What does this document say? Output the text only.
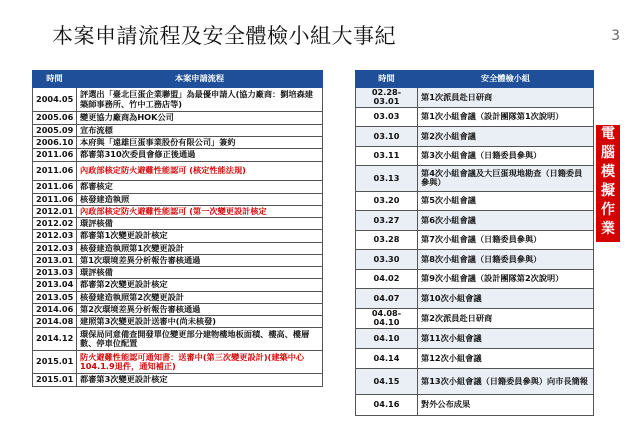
本案申請流程及安全體檢小組大事紀	3
時間	本案申請流程
2004.05	評選出「臺北巨蛋企業聯盟」為最優申請人(協力廠商：劉培森建築師事務所、竹中工務店等)
2005.06	變更協力廠商為HOK公司
2005.09	宣布流標
2006.10	本府與「遠雄巨蛋事業股份有限公司」簽約
2011.06	都審第310次委員會修正後通過
2011.06	內政部核定防火避難性能認可 (核定性能法規)
2011.06	都審核定
2011.06	核發建造執照
2012.01	內政部核定防火避難性能認可 (第一次變更設計核定
2012.02	環評核備
2012.03	都審第1次變更設計核定
2012.03	核發建造執照第1次變更設計
2013.01	第1次環境差異分析報告審核通過
2013.03	環評核備
2013.04	都審第2次變更設計核定
2013.05	核發建造執照第2次變更設計
2014.06	第2次環境差異分析報告審核通過
2014.08	建照第3次變更設計送審中(尚未核發)
2014.12	環保局同意備查開發單位變更部分建物樓地板面積、樓高、樓層數、停車位配置
2015.01	防火避難性能認可通知書：送審中(第三次變更設計)(建築中心104.1.9退件，通知補正)
2015.01	都審第3次變更設計核定
時間	安全體檢小組
02.28-03.01	第1次派員赴日研商
03.03	第1次小組會議（設計團隊第1次說明）
03.10	第2次小組會議
03.11	第3次小組會議（日籍委員參與）
03.13	第4次小組會議及大巨蛋現地勘查（日籍委員參與）
03.20	第5次小組會議
03.27	第6次小組會議
03.28	第7次小組會議（日籍委員參與）
03.30	第8次小組會議（日籍委員參與）
04.02	第9次小組會議（設計團隊第2次說明）
04.07	第10次小組會議
04.08-04.10	第2次派員赴日研商
04.10	第11次小組會議
04.14	第12次小組會議
04.15	第13次小組會議（日籍委員參與）向市長簡報
04.16	對外公布成果
電腦模擬作業
